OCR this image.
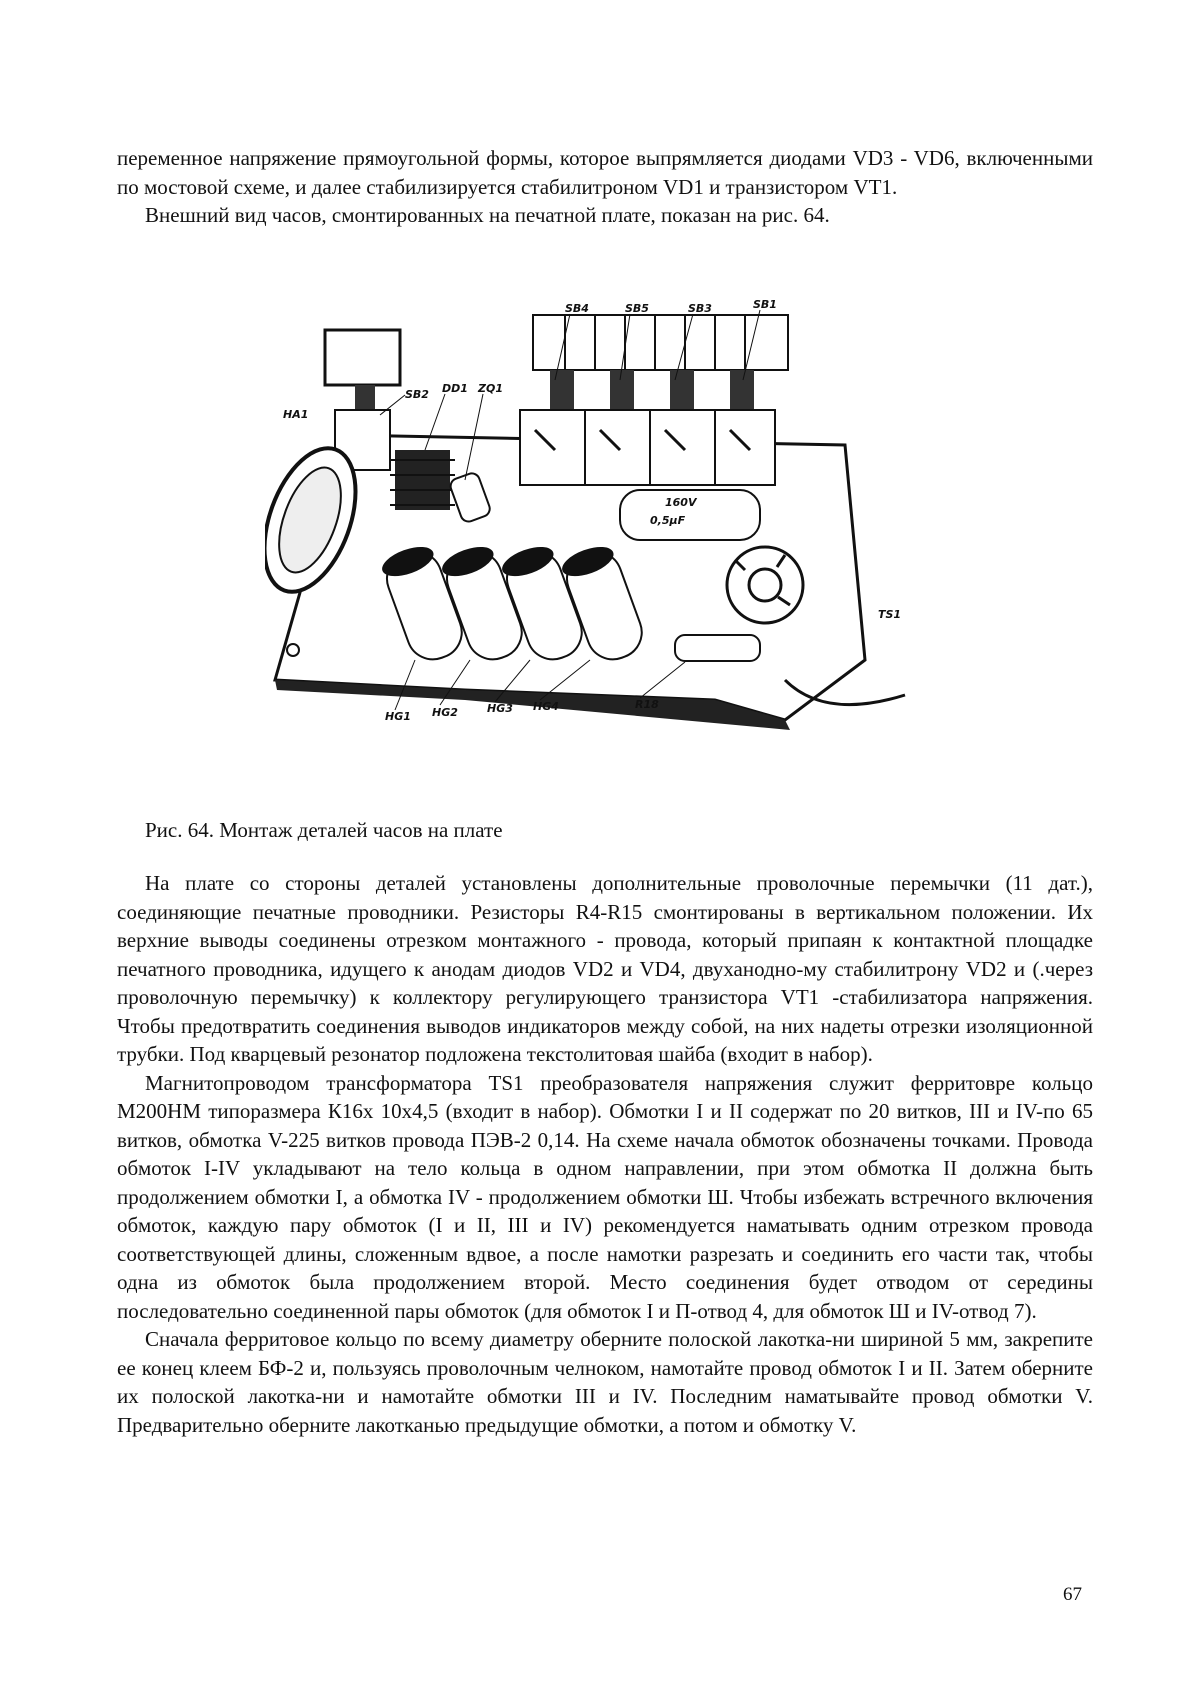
переменное напряжение прямоугольной формы, которое выпрямляется диодами VD3 - VD6, включенными по мостовой схеме, и далее стабилизируется стабилитроном VD1 и транзистором VT1.

Внешний вид часов, смонтированных на печатной плате, показан на рис. 64.

160V
0,5µF
SB4	SB5	SB3	SB1
SB2 DD1 ZQ1
HA1
TS1
HG1 HG2	HG3 HG4	R18
Рис. 64. Монтаж деталей часов на плате

На плате со стороны деталей установлены дополнительные проволочные перемычки (11 дат.), соединяющие печатные проводники. Резисторы R4-R15 смонтированы в вертикальном положении. Их верхние выводы соединены отрезком монтажного - провода, который припаян к контактной площадке печатного проводника, идущего к анодам диодов VD2 и VD4, двуханодно-му стабилитрону VD2 и (.через проволочную перемычку) к коллектору регулирующего транзистора VT1 -стабилизатора напряжения. Чтобы предотвратить соединения выводов индикаторов между собой, на них надеты отрезки изоляционной трубки. Под кварцевый резонатор подложена текстолитовая шайба (входит в набор).

Магнитопроводом трансформатора TS1 преобразователя напряжения служит ферритовре кольцо М200НМ типоразмера К16х 10х4,5 (входит в набор). Обмотки I и II содержат по 20 витков, III и IV-по 65 витков, обмотка V-225 витков провода ПЭВ-2 0,14. На схеме начала обмоток обозначены точками. Провода обмоток I-IV укладывают на тело кольца в одном направлении, при этом обмотка II должна быть продолжением обмотки I, а обмотка IV - продолжением обмотки Ш. Чтобы избежать встречного включения обмоток, каждую пару обмоток (I и II, III и IV) рекомендуется наматывать одним отрезком провода соответствующей длины, сложенным вдвое, а после намотки разрезать и соединить его части так, чтобы одна из обмоток была продолжением второй. Место соединения будет отводом от середины последовательно соединенной пары обмоток (для обмоток I и П-отвод 4, для обмоток Ш и IV-отвод 7).

Сначала ферритовое кольцо по всему диаметру оберните полоской лакотка-ни шириной 5 мм, закрепите ее конец клеем БФ-2 и, пользуясь проволочным челноком, намотайте провод обмоток I и II. Затем оберните их полоской лакотка-ни и намотайте обмотки III и IV. Последним наматывайте провод обмотки V. Предварительно оберните лакотканью предыдущие обмотки, а потом и обмотку V.

67
